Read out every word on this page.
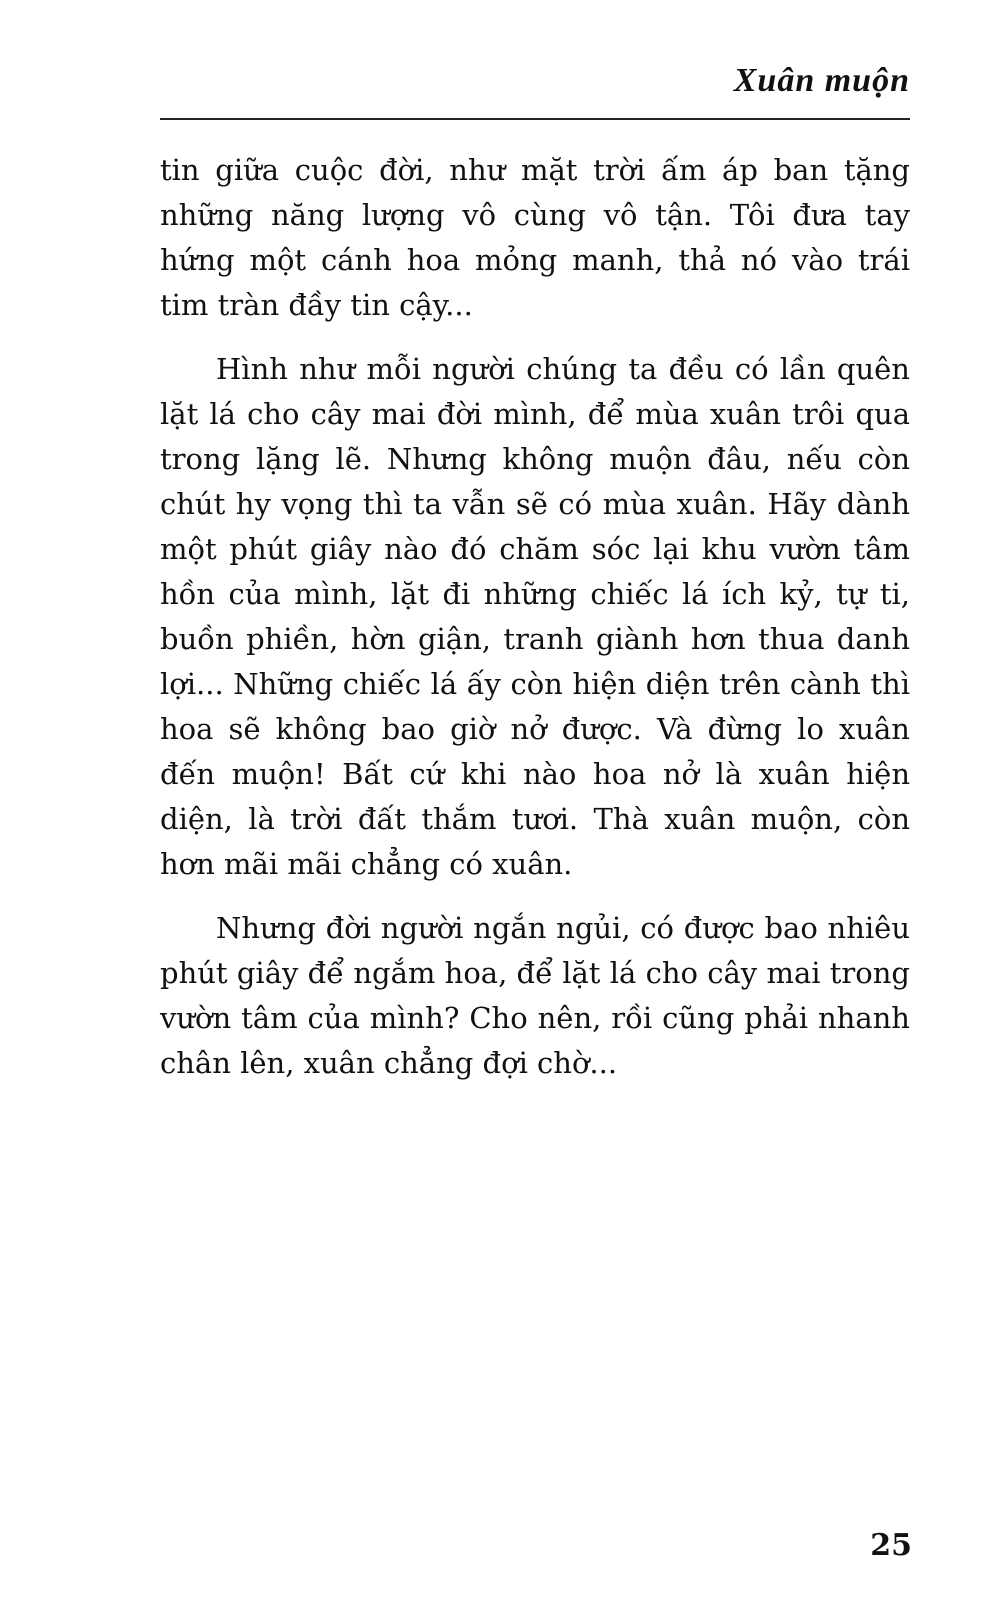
Xuân muộn

tin giữa cuộc đời, như mặt trời ấm áp ban tặng những năng lượng vô cùng vô tận. Tôi đưa tay hứng một cánh hoa mỏng manh, thả nó vào trái tim tràn đầy tin cậy...

Hình như mỗi người chúng ta đều có lần quên lặt lá cho cây mai đời mình, để mùa xuân trôi qua trong lặng lẽ. Nhưng không muộn đâu, nếu còn chút hy vọng thì ta vẫn sẽ có mùa xuân. Hãy dành một phút giây nào đó chăm sóc lại khu vườn tâm hồn của mình, lặt đi những chiếc lá ích kỷ, tự ti, buồn phiền, hờn giận, tranh giành hơn thua danh lợi... Những chiếc lá ấy còn hiện diện trên cành thì hoa sẽ không bao giờ nở được. Và đừng lo xuân đến muộn! Bất cứ khi nào hoa nở là xuân hiện diện, là trời đất thắm tươi. Thà xuân muộn, còn hơn mãi mãi chẳng có xuân.

Nhưng đời người ngắn ngủi, có được bao nhiêu phút giây để ngắm hoa, để lặt lá cho cây mai trong vườn tâm của mình? Cho nên, rồi cũng phải nhanh chân lên, xuân chẳng đợi chờ...

25
